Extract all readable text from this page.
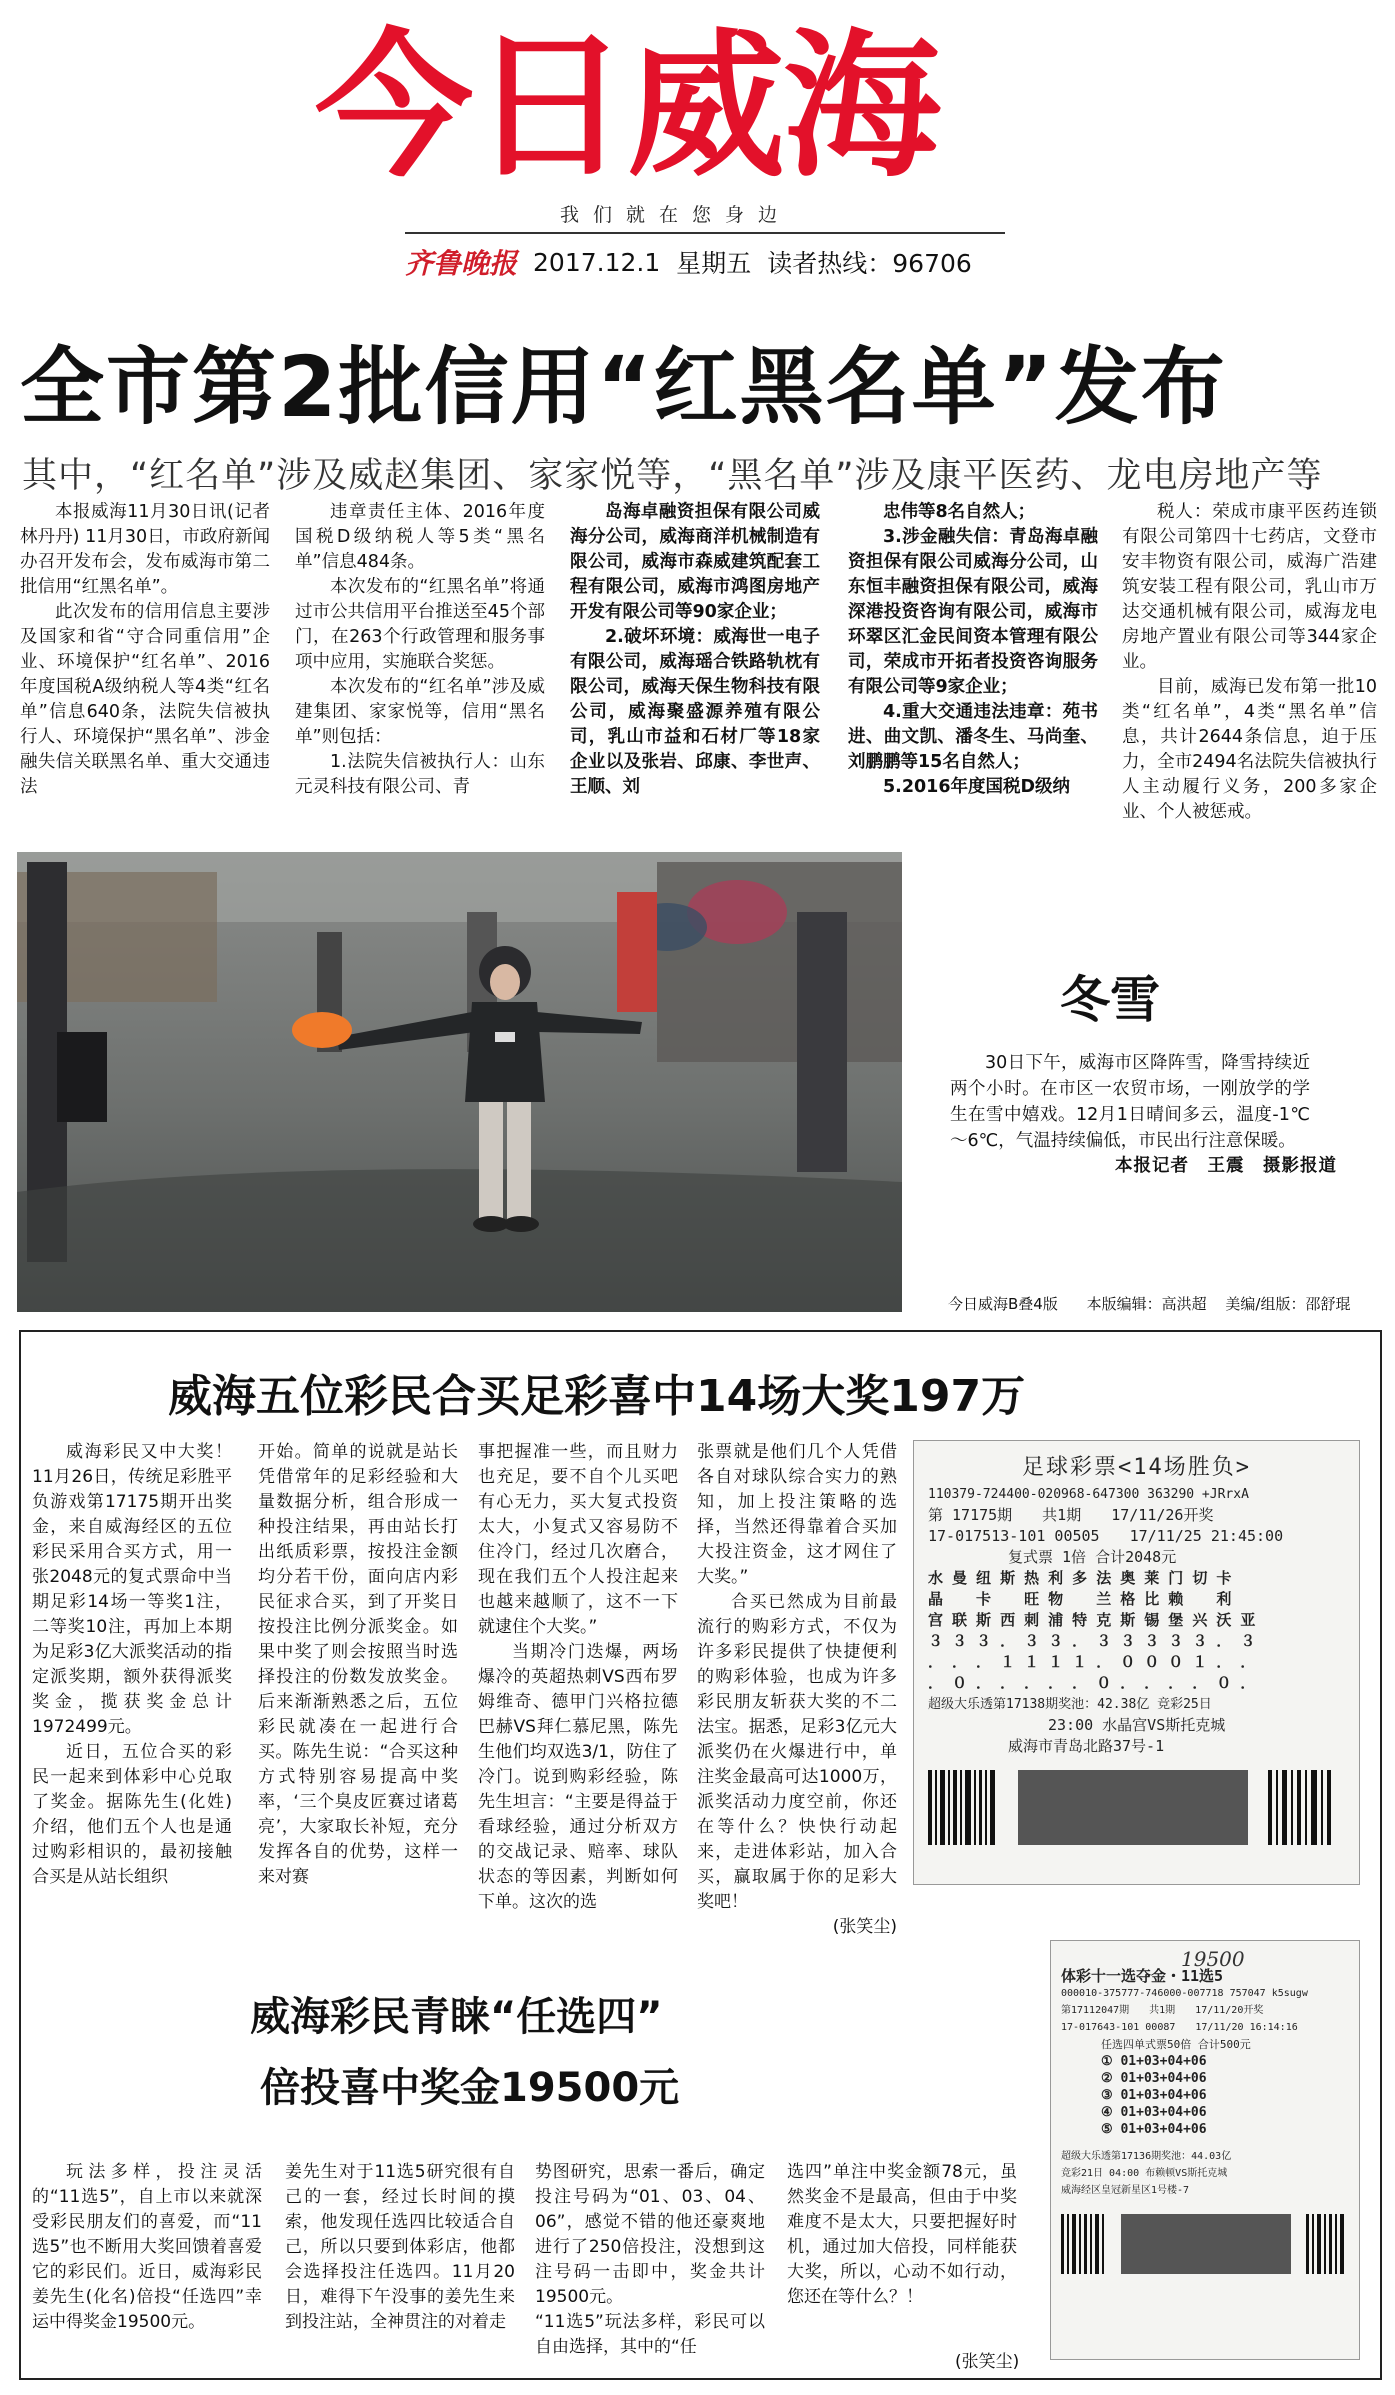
今 日 威 海
我们就在您身边
齐鲁晚报 2017.12.1 星期五 读者热线：96706
全市第2批信用“红黑名单”发布
其中，“红名单”涉及威赵集团、家家悦等，“黑名单”涉及康平医药、龙电房地产等

本报威海11月30日讯(记者 林丹丹) 11月30日，市政府新闻办召开发布会，发布威海市第二批信用“红黑名单”。

此次发布的信用信息主要涉及国家和省“守合同重信用”企业、环境保护“红名单”、2016年度国税A级纳税人等4类“红名单”信息640条，法院失信被执行人、环境保护“黑名单”、涉金融失信关联黑名单、重大交通违法

违章责任主体、2016年度国税D级纳税人等5类“黑名单”信息484条。

本次发布的“红黑名单”将通过市公共信用平台推送至45个部门，在263个行政管理和服务事项中应用，实施联合奖惩。

本次发布的“红名单”涉及威建集团、家家悦等，信用“黑名单”则包括：

1.法院失信被执行人：山东元灵科技有限公司、青

岛海卓融资担保有限公司威海分公司，威海商洋机械制造有限公司，威海市森威建筑配套工程有限公司，威海市鸿图房地产开发有限公司等90家企业；

2.破坏环境：威海世一电子有限公司，威海瑶合铁路轨枕有限公司，威海天保生物科技有限公司，威海聚盛源养殖有限公司，乳山市益和石材厂等18家企业以及张岩、邱康、李世声、王顺、刘

忠伟等8名自然人；

3.涉金融失信：青岛海卓融资担保有限公司威海分公司，山东恒丰融资担保有限公司，威海深港投资咨询有限公司，威海市环翠区汇金民间资本管理有限公司，荣成市开拓者投资咨询服务有限公司等9家企业；

4.重大交通违法违章：苑书进、曲文凯、潘冬生、马尚奎、刘鹏鹏等15名自然人；

5.2016年度国税D级纳

税人：荣成市康平医药连锁有限公司第四十七药店，文登市安丰物资有限公司，威海广浩建筑安装工程有限公司，乳山市万达交通机械有限公司，威海龙电房地产置业有限公司等344家企业。

目前，威海已发布第一批10类“红名单”，4类“黑名单”信息，共计2644条信息，迫于压力，全市2494名法院失信被执行人主动履行义务，200多家企业、个人被惩戒。

冬雪

30日下午，威海市区降阵雪，降雪持续近两个小时。在市区一农贸市场，一刚放学的学生在雪中嬉戏。12月1日晴间多云，温度-1℃～6℃，气温持续偏低，市民出行注意保暖。

本报记者　王震　摄影报道
今日威海B叠4版 本版编辑：高洪超 美编/组版：邵舒琨
威海五位彩民合买足彩喜中14场大奖197万

威海彩民又中大奖！11月26日，传统足彩胜平负游戏第17175期开出奖金，来自威海经区的五位彩民采用合买方式，用一张2048元的复式票命中当期足彩14场一等奖1注，二等奖10注，再加上本期为足彩3亿大派奖活动的指定派奖期，额外获得派奖奖金，揽获奖金总计1972499元。

近日，五位合买的彩民一起来到体彩中心兑取了奖金。据陈先生(化姓)介绍，他们五个人也是通过购彩相识的，最初接触合买是从站长组织

开始。简单的说就是站长凭借常年的足彩经验和大量数据分析，组合形成一种投注结果，再由站长打出纸质彩票，按投注金额均分若干份，面向店内彩民征求合买，到了开奖日按投注比例分派奖金。如果中奖了则会按照当时选择投注的份数发放奖金。后来渐渐熟悉之后，五位彩民就凑在一起进行合买。陈先生说：“合买这种方式特别容易提高中奖率，‘三个臭皮匠赛过诸葛亮’，大家取长补短，充分发挥各自的优势，这样一来对赛

事把握准一些，而且财力也充足，要不自个儿买吧有心无力，买大复式投资太大，小复式又容易防不住冷门，经过几次磨合，现在我们五个人投注起来也越来越顺了，这不一下就逮住个大奖。”

当期冷门迭爆，两场爆冷的英超热刺VS西布罗姆维奇、德甲门兴格拉德巴赫VS拜仁慕尼黑，陈先生他们均双选3/1，防住了冷门。说到购彩经验，陈先生坦言：“主要是得益于看球经验，通过分析双方的交战记录、赔率、球队状态的等因素，判断如何下单。这次的选

张票就是他们几个人凭借各自对球队综合实力的熟知，加上投注策略的选择，当然还得靠着合买加大投注资金，这才网住了大奖。”

合买已然成为目前最流行的购彩方式，不仅为许多彩民提供了快捷便利的购彩体验，也成为许多彩民朋友斩获大奖的不二法宝。据悉，足彩3亿元大派奖仍在火爆进行中，单注奖金最高可达1000万，派奖活动力度空前，你还在等什么？快快行动起来，走进体彩站，加入合买，赢取属于你的足彩大奖吧！

(张笑尘)

足球彩票<14场胜负>
110379-724400-020968-647300 363290 +JRrxA
第 17175期　　共1期　　17/11/26开奖
17-017513-101 00505　　17/11/25 21:45:00
复式票 1倍 合计2048元
水 曼 纽 斯 热 利 多 法 奥 莱 门 切 卡
晶 　 卡 　 旺 物 　 兰 格 比 赖 　 利
宫 联 斯 西 刺 浦 特 克 斯 锡 堡 兴 沃 亚
３ ３ ３ ． ３ ３ ． ３ ３ ３ ３ ３ ． ３
． ． ． １ １ １ １ ． ０ ０ ０ １ ． ．
． ０ ． ． ． ． ． ０ ． ． ． ． ０ ．
超级大乐透第17138期奖池：42.38亿 竞彩25日
23:00 水晶宫VS斯托克城
威海市青岛北路37号-1
威海彩民青睐“任选四”
倍投喜中奖金19500元

玩法多样，投注灵活的“11选5”，自上市以来就深受彩民朋友们的喜爱，而“11选5”也不断用大奖回馈着喜爱它的彩民们。近日，威海彩民姜先生(化名)倍投“任选四”幸运中得奖金19500元。

姜先生对于11选5研究很有自己的一套，经过长时间的摸索，他发现任选四比较适合自己，所以只要到体彩店，他都会选择投注任选四。11月20日，难得下午没事的姜先生来到投注站，全神贯注的对着走

势图研究，思索一番后，确定投注号码为“01、03、04、06”，感觉不错的他还豪爽地进行了250倍投注，没想到这注号码一击即中，奖金共计19500元。

“11选5”玩法多样，彩民可以自由选择，其中的“任

选四”单注中奖金额78元，虽然奖金不是最高，但由于中奖难度不是太大，只要把握好时机，通过加大倍投，同样能获大奖，所以，心动不如行动，您还在等什么？！

(张笑尘)
19500
体彩十一选夺金・11选5
000010-375777-746000-007718 757047 k5sugw
第17112047期　　共1期　　17/11/20开奖
17-017643-101 00087　　17/11/20 16:14:16
任选四单式票50倍 合计500元
① 01+03+04+06
② 01+03+04+06
③ 01+03+04+06
④ 01+03+04+06
⑤ 01+03+04+06
超级大乐透第17136期奖池：44.03亿
竞彩21日 04:00 布赖顿VS斯托克城
威海经区皇冠新星区1号楼-7
